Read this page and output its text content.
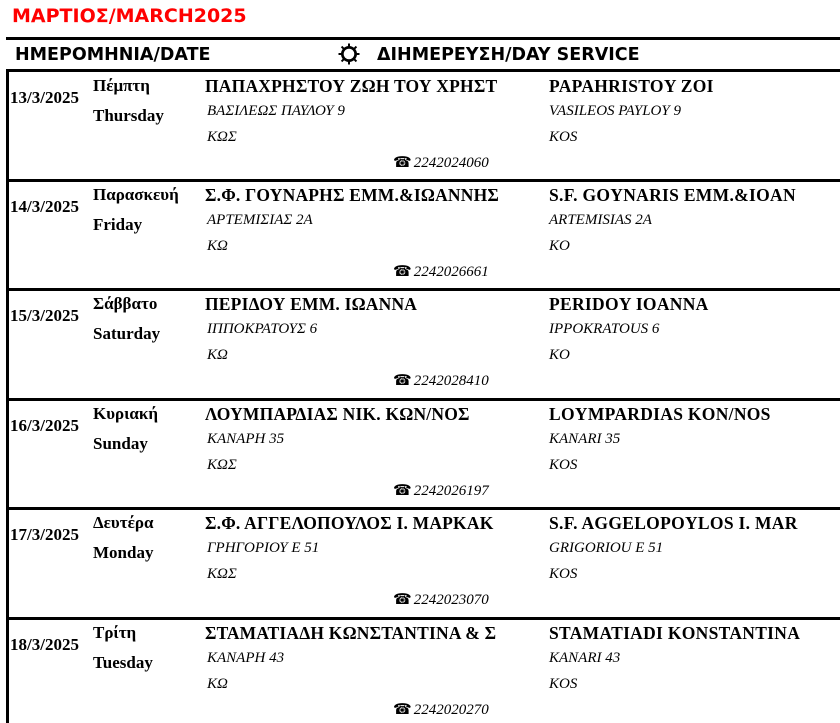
ΜΑΡΤΙΟΣ/MARCH2025
ΗΜΕΡΟΜΗΝΙΑ/DATE	ΔΙΗΜΕΡΕΥΣΗ/DAY SERVICE
13/3/2025
Πέμπτη
Thursday
ΠΑΠΑΧΡΗΣΤΟΥ ΖΩΗ ΤΟΥ ΧΡΗΣΤ	PAPAHRISTOY ZOI
ΒΑΣΙΛΕΩΣ ΠΑΥΛΟΥ 9	VASILEOS PAYLOY 9
ΚΩΣ	KOS
☎ 2242024060
14/3/2025
Παρασκευή
Friday
Σ.Φ. ΓΟΥΝΑΡΗΣ ΕΜΜ.&ΙΩΑΝΝΗΣ	S.F. GOYNARIS EMM.&IOAN
ΑΡΤΕΜΙΣΙΑΣ 2Α	ARTEMISIAS 2A
ΚΩ	KO
☎ 2242026661
15/3/2025
Σάββατο
Saturday
ΠΕΡΙΔΟΥ ΕΜΜ. ΙΩΑΝΝΑ	PERIDOY IOANNA
ΙΠΠΟΚΡΑΤΟΥΣ 6	IPPOKRATOUS 6
ΚΩ	KO
☎ 2242028410
16/3/2025
Κυριακή
Sunday
ΛΟΥΜΠΑΡΔΙΑΣ ΝΙΚ. ΚΩΝ/ΝΟΣ	LOYMPARDIAS KON/NOS
ΚΑΝΑΡΗ 35	KANARI 35
ΚΩΣ	KOS
☎ 2242026197
17/3/2025
Δευτέρα
Monday
Σ.Φ. ΑΓΓΕΛΟΠΟΥΛΟΣ Ι. ΜΑΡΚΑΚ	S.F. AGGELOPOYLOS I. MAR
ΓΡΗΓΟΡΙΟΥ Ε 51	GRIGORIOU E 51
ΚΩΣ	KOS
☎ 2242023070
18/3/2025
Τρίτη
Tuesday
ΣΤΑΜΑΤΙΑΔΗ ΚΩΝΣΤΑΝΤΙΝΑ & Σ	STAMATIADI KONSTANTINA
ΚΑΝΑΡΗ 43	KANARI 43
ΚΩ	KOS
☎ 2242020270
